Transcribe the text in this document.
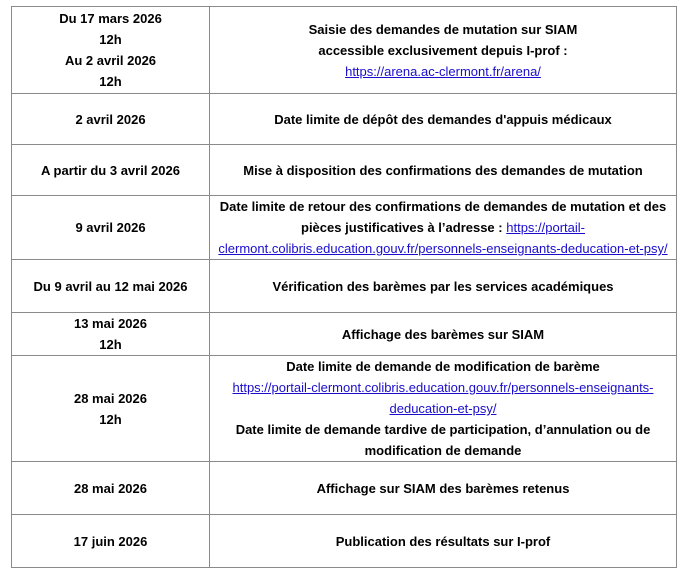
Du 17 mars 2026
12h
Au 2 avril 2026
12h	Saisie des demandes de mutation sur SIAM
accessible exclusivement depuis I-prof :
https://arena.ac-clermont.fr/arena/

2 avril 2026	Date limite de dépôt des demandes d'appuis médicaux

A partir du 3 avril 2026	Mise à disposition des confirmations des demandes de mutation

9 avril 2026	Date limite de retour des confirmations de demandes de mutation et des
pièces justificatives à l’adresse : https://portail-
clermont.colibris.education.gouv.fr/personnels-enseignants-deducation-et-psy/

Du 9 avril au 12 mai 2026	Vérification des barèmes par les services académiques

13 mai 2026
12h	Affichage des barèmes sur SIAM

28 mai 2026
12h	Date limite de demande de modification de barème
https://portail-clermont.colibris.education.gouv.fr/personnels-enseignants-
deducation-et-psy/
Date limite de demande tardive de participation, d’annulation ou de
modification de demande

28 mai 2026	Affichage sur SIAM des barèmes retenus

17 juin 2026	Publication des résultats sur I-prof
